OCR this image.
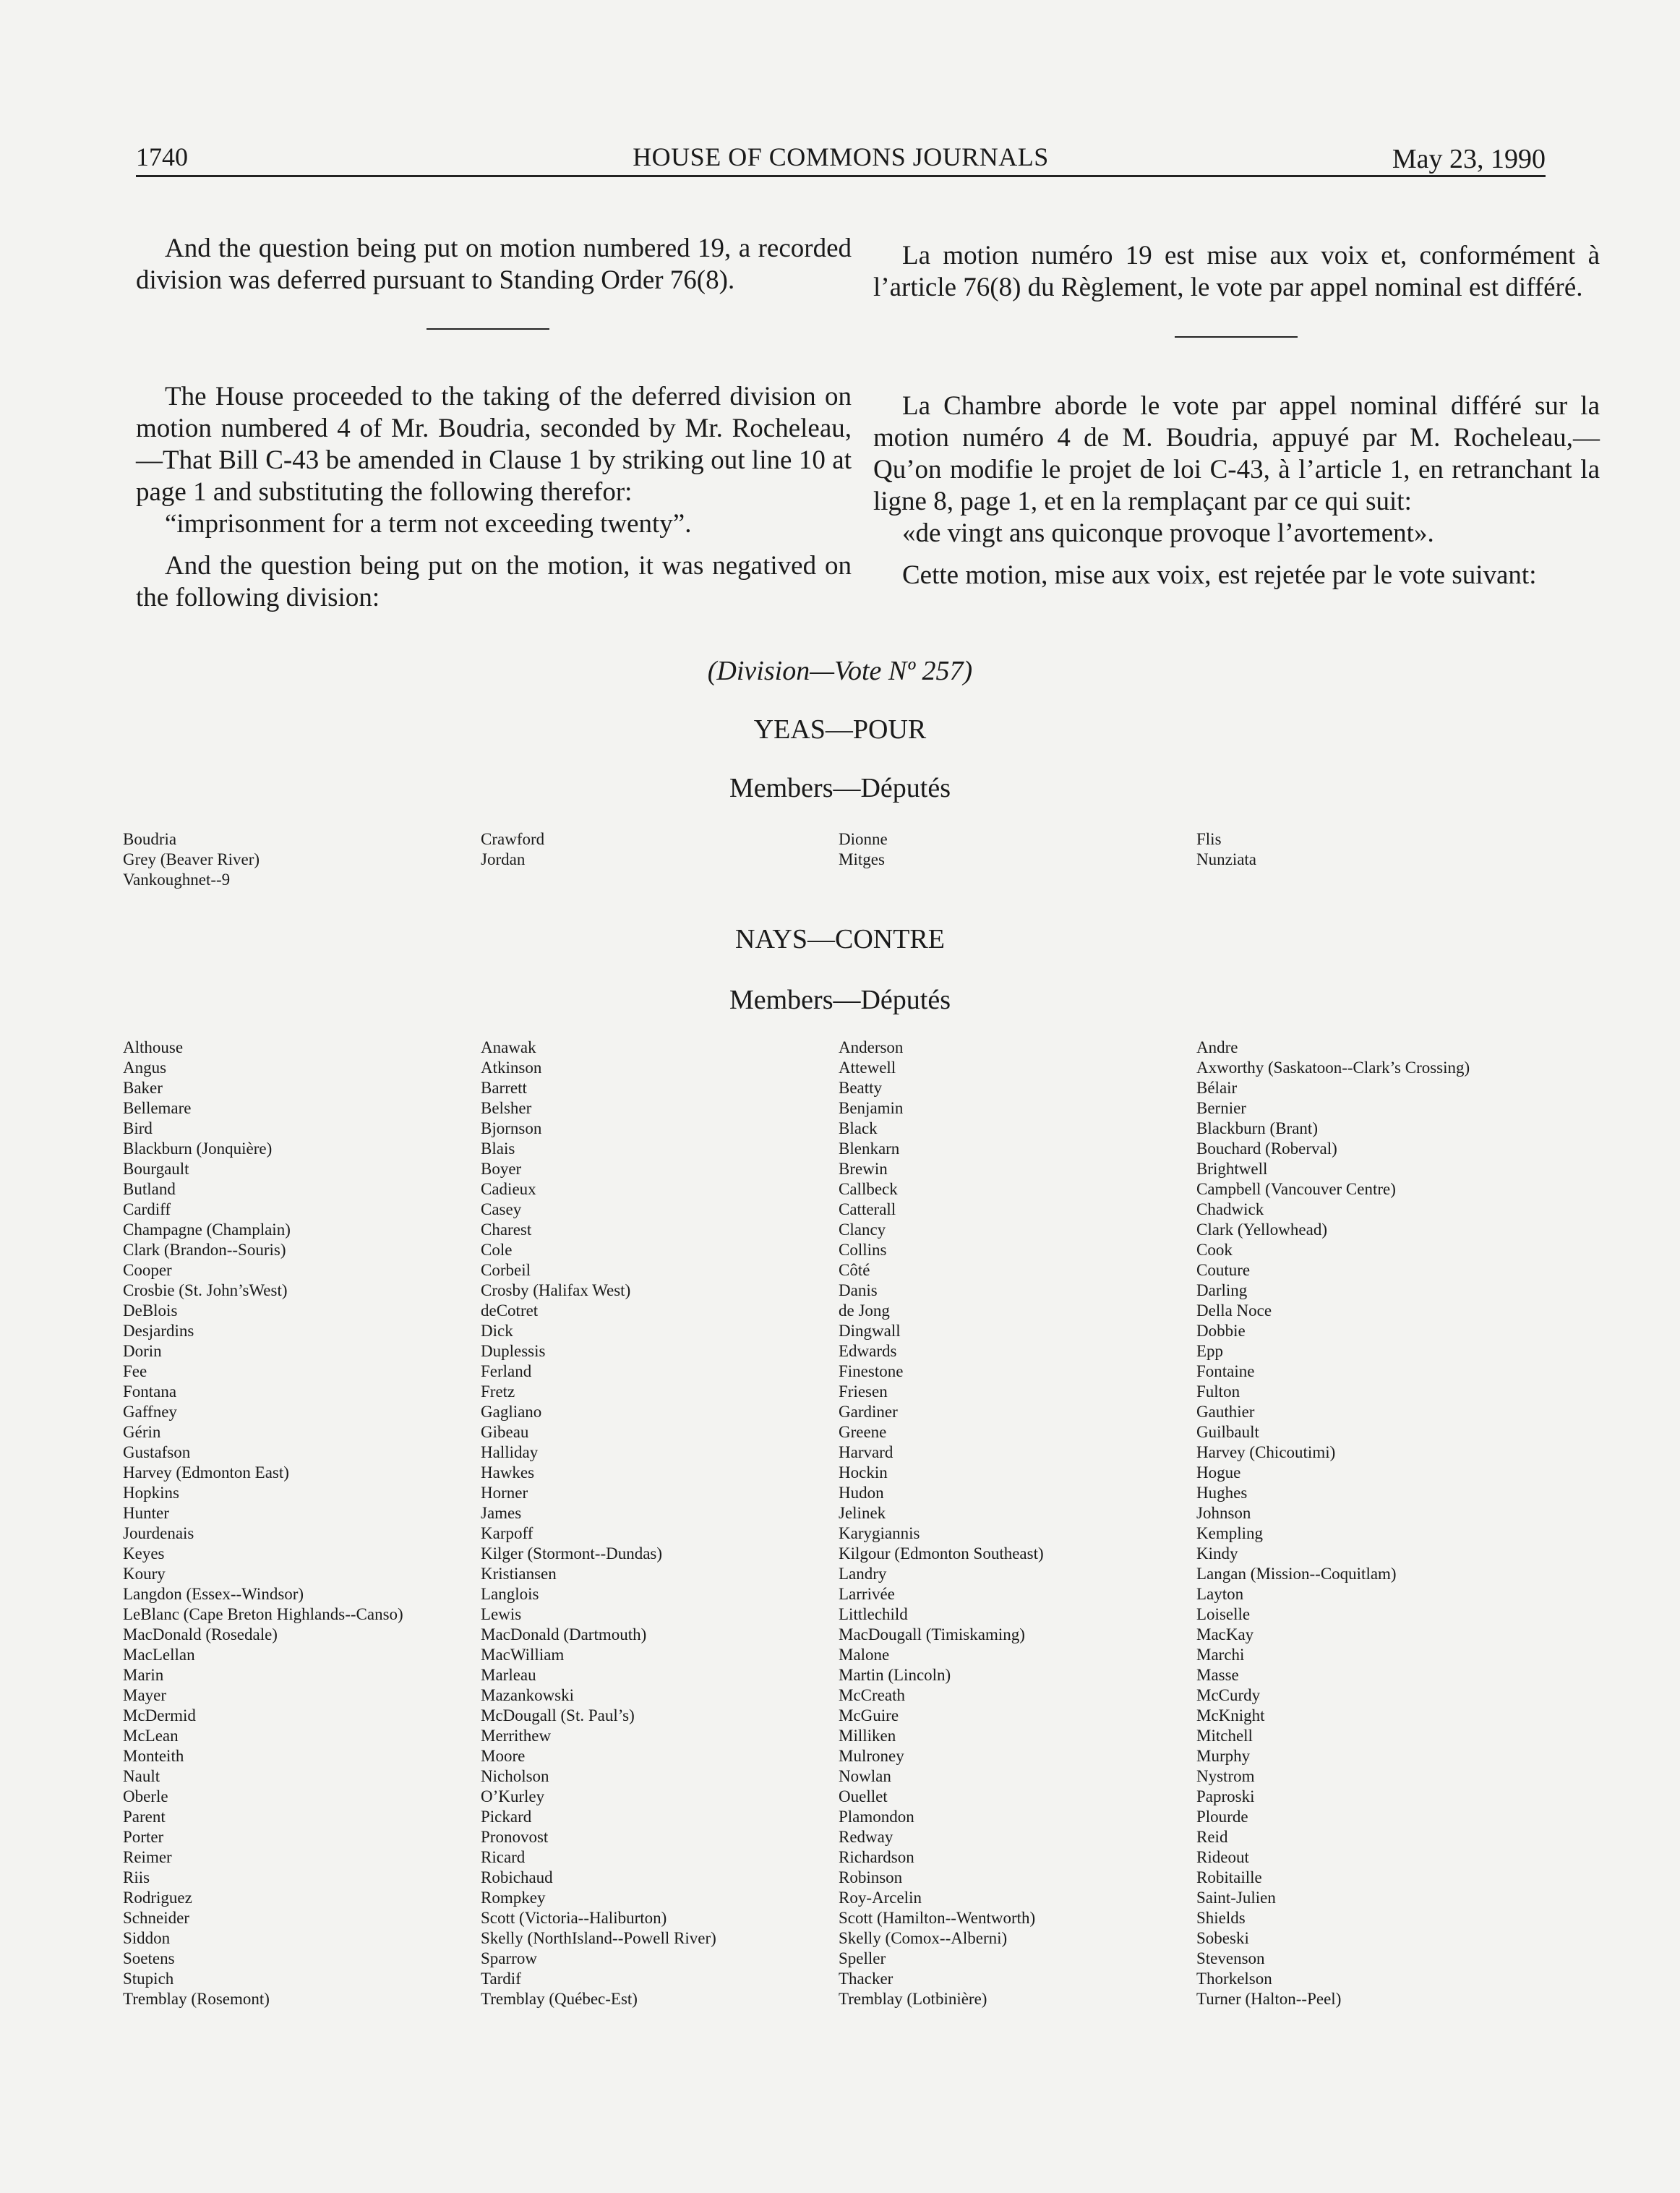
1740	HOUSE OF COMMONS JOURNALS	May 23, 1990

And the question being put on motion numbered 19, a recorded division was deferred pursuant to Standing Order 76(8).

La motion numéro 19 est mise aux voix et, conformément à l’article 76(8) du Règlement, le vote par appel nominal est différé.

The House proceeded to the taking of the deferred division on motion numbered 4 of Mr. Boudria, seconded by Mr. Rocheleau,—That Bill C-43 be amended in Clause 1 by striking out line 10 at page 1 and substituting the following therefor:

“imprisonment for a term not exceeding twenty”.

And the question being put on the motion, it was negatived on the following division:

La Chambre aborde le vote par appel nominal différé sur la motion numéro 4 de M. Boudria, appuyé par M. Rocheleau,—Qu’on modifie le projet de loi C-43, à l’article 1, en retranchant la ligne 8, page 1, et en la remplaçant par ce qui suit:

«de vingt ans quiconque provoque l’avortement».

Cette motion, mise aux voix, est rejetée par le vote suivant:

(Division—Vote Nº 257)
YEAS—POUR
Members—Députés
Boudria
Grey (Beaver River)
Vankoughnet--9
Crawford
Jordan
Dionne
Mitges
Flis
Nunziata
NAYS—CONTRE
Members—Députés
Althouse
Angus
Baker
Bellemare
Bird
Blackburn (Jonquière)
Bourgault
Butland
Cardiff
Champagne (Champlain)
Clark (Brandon--Souris)
Cooper
Crosbie (St. John’sWest)
DeBlois
Desjardins
Dorin
Fee
Fontana
Gaffney
Gérin
Gustafson
Harvey (Edmonton East)
Hopkins
Hunter
Jourdenais
Keyes
Koury
Langdon (Essex--Windsor)
LeBlanc (Cape Breton Highlands--Canso)
MacDonald (Rosedale)
MacLellan
Marin
Mayer
McDermid
McLean
Monteith
Nault
Oberle
Parent
Porter
Reimer
Riis
Rodriguez
Schneider
Siddon
Soetens
Stupich
Tremblay (Rosemont)
Anawak
Atkinson
Barrett
Belsher
Bjornson
Blais
Boyer
Cadieux
Casey
Charest
Cole
Corbeil
Crosby (Halifax West)
deCotret
Dick
Duplessis
Ferland
Fretz
Gagliano
Gibeau
Halliday
Hawkes
Horner
James
Karpoff
Kilger (Stormont--Dundas)
Kristiansen
Langlois
Lewis
MacDonald (Dartmouth)
MacWilliam
Marleau
Mazankowski
McDougall (St. Paul’s)
Merrithew
Moore
Nicholson
O’Kurley
Pickard
Pronovost
Ricard
Robichaud
Rompkey
Scott (Victoria--Haliburton)
Skelly (NorthIsland--Powell River)
Sparrow
Tardif
Tremblay (Québec-Est)
Anderson
Attewell
Beatty
Benjamin
Black
Blenkarn
Brewin
Callbeck
Catterall
Clancy
Collins
Côté
Danis
de Jong
Dingwall
Edwards
Finestone
Friesen
Gardiner
Greene
Harvard
Hockin
Hudon
Jelinek
Karygiannis
Kilgour (Edmonton Southeast)
Landry
Larrivée
Littlechild
MacDougall (Timiskaming)
Malone
Martin (Lincoln)
McCreath
McGuire
Milliken
Mulroney
Nowlan
Ouellet
Plamondon
Redway
Richardson
Robinson
Roy-Arcelin
Scott (Hamilton--Wentworth)
Skelly (Comox--Alberni)
Speller
Thacker
Tremblay (Lotbinière)
Andre
Axworthy (Saskatoon--Clark’s Crossing)
Bélair
Bernier
Blackburn (Brant)
Bouchard (Roberval)
Brightwell
Campbell (Vancouver Centre)
Chadwick
Clark (Yellowhead)
Cook
Couture
Darling
Della Noce
Dobbie
Epp
Fontaine
Fulton
Gauthier
Guilbault
Harvey (Chicoutimi)
Hogue
Hughes
Johnson
Kempling
Kindy
Langan (Mission--Coquitlam)
Layton
Loiselle
MacKay
Marchi
Masse
McCurdy
McKnight
Mitchell
Murphy
Nystrom
Paproski
Plourde
Reid
Rideout
Robitaille
Saint-Julien
Shields
Sobeski
Stevenson
Thorkelson
Turner (Halton--Peel)
